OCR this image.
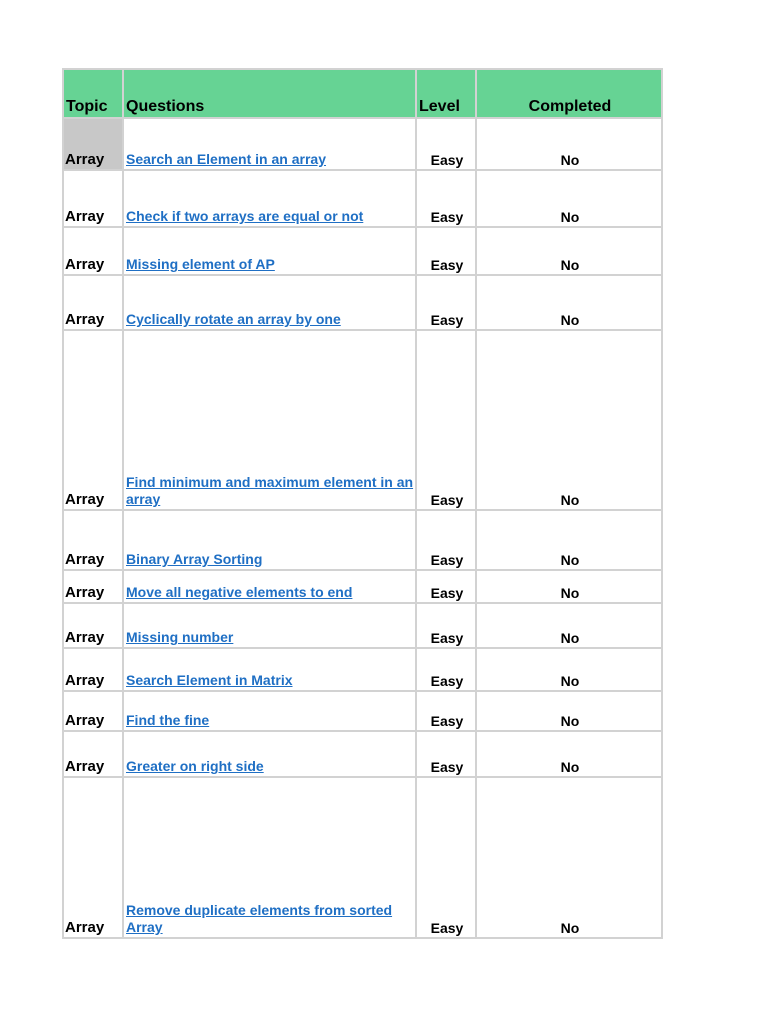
Topic	Questions	Level	Completed
Array	Search an Element in an array	Easy	No
Array	Check if two arrays are equal or not	Easy	No
Array	Missing element of AP	Easy	No
Array	Cyclically rotate an array by one	Easy	No
Array	Find minimum and maximum element in an array	Easy	No
Array	Binary Array Sorting	Easy	No
Array	Move all negative elements to end	Easy	No
Array	Missing number	Easy	No
Array	Search Element in Matrix	Easy	No
Array	Find the fine	Easy	No
Array	Greater on right side	Easy	No
Array	Remove duplicate elements from sorted Array	Easy	No
